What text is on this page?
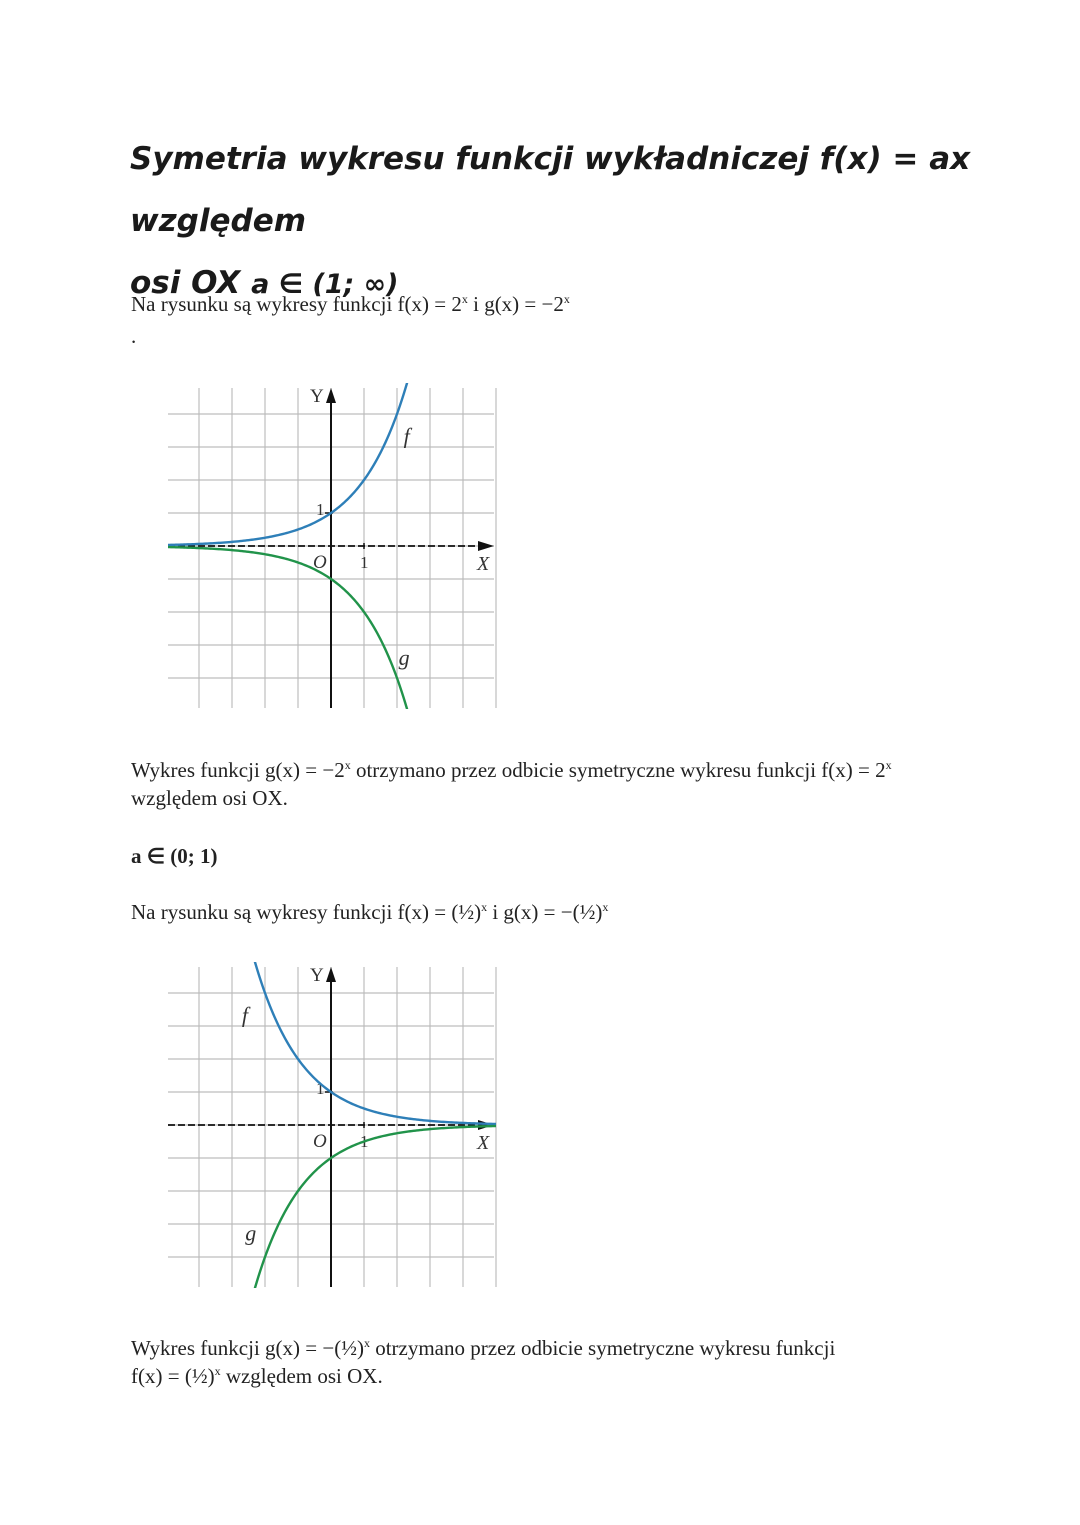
Symetria wykresu funkcji wykładniczej f(x) = ax względem
osi OX a ∈ (1; ∞)

Na rysunku są wykresy funkcji $f(x) = 2^x$ i $g(x) = -2^x$

.

Y
X
O
1
1
f
g

Wykres funkcji $g(x) = -2^x$ otrzymano przez odbicie symetryczne wykresu funkcji $f(x) = 2^x$
względem osi OX.

a ∈ (0; 1)

Na rysunku są wykresy funkcji f(x) = (½)$^x$ i g(x) = −(½)$^x$

Y
X
O
1
1
f
g

Wykres funkcji g(x) = −(½)$^x$ otrzymano przez odbicie symetryczne wykresu funkcji
f(x) = (½)$^x$ względem osi OX.
